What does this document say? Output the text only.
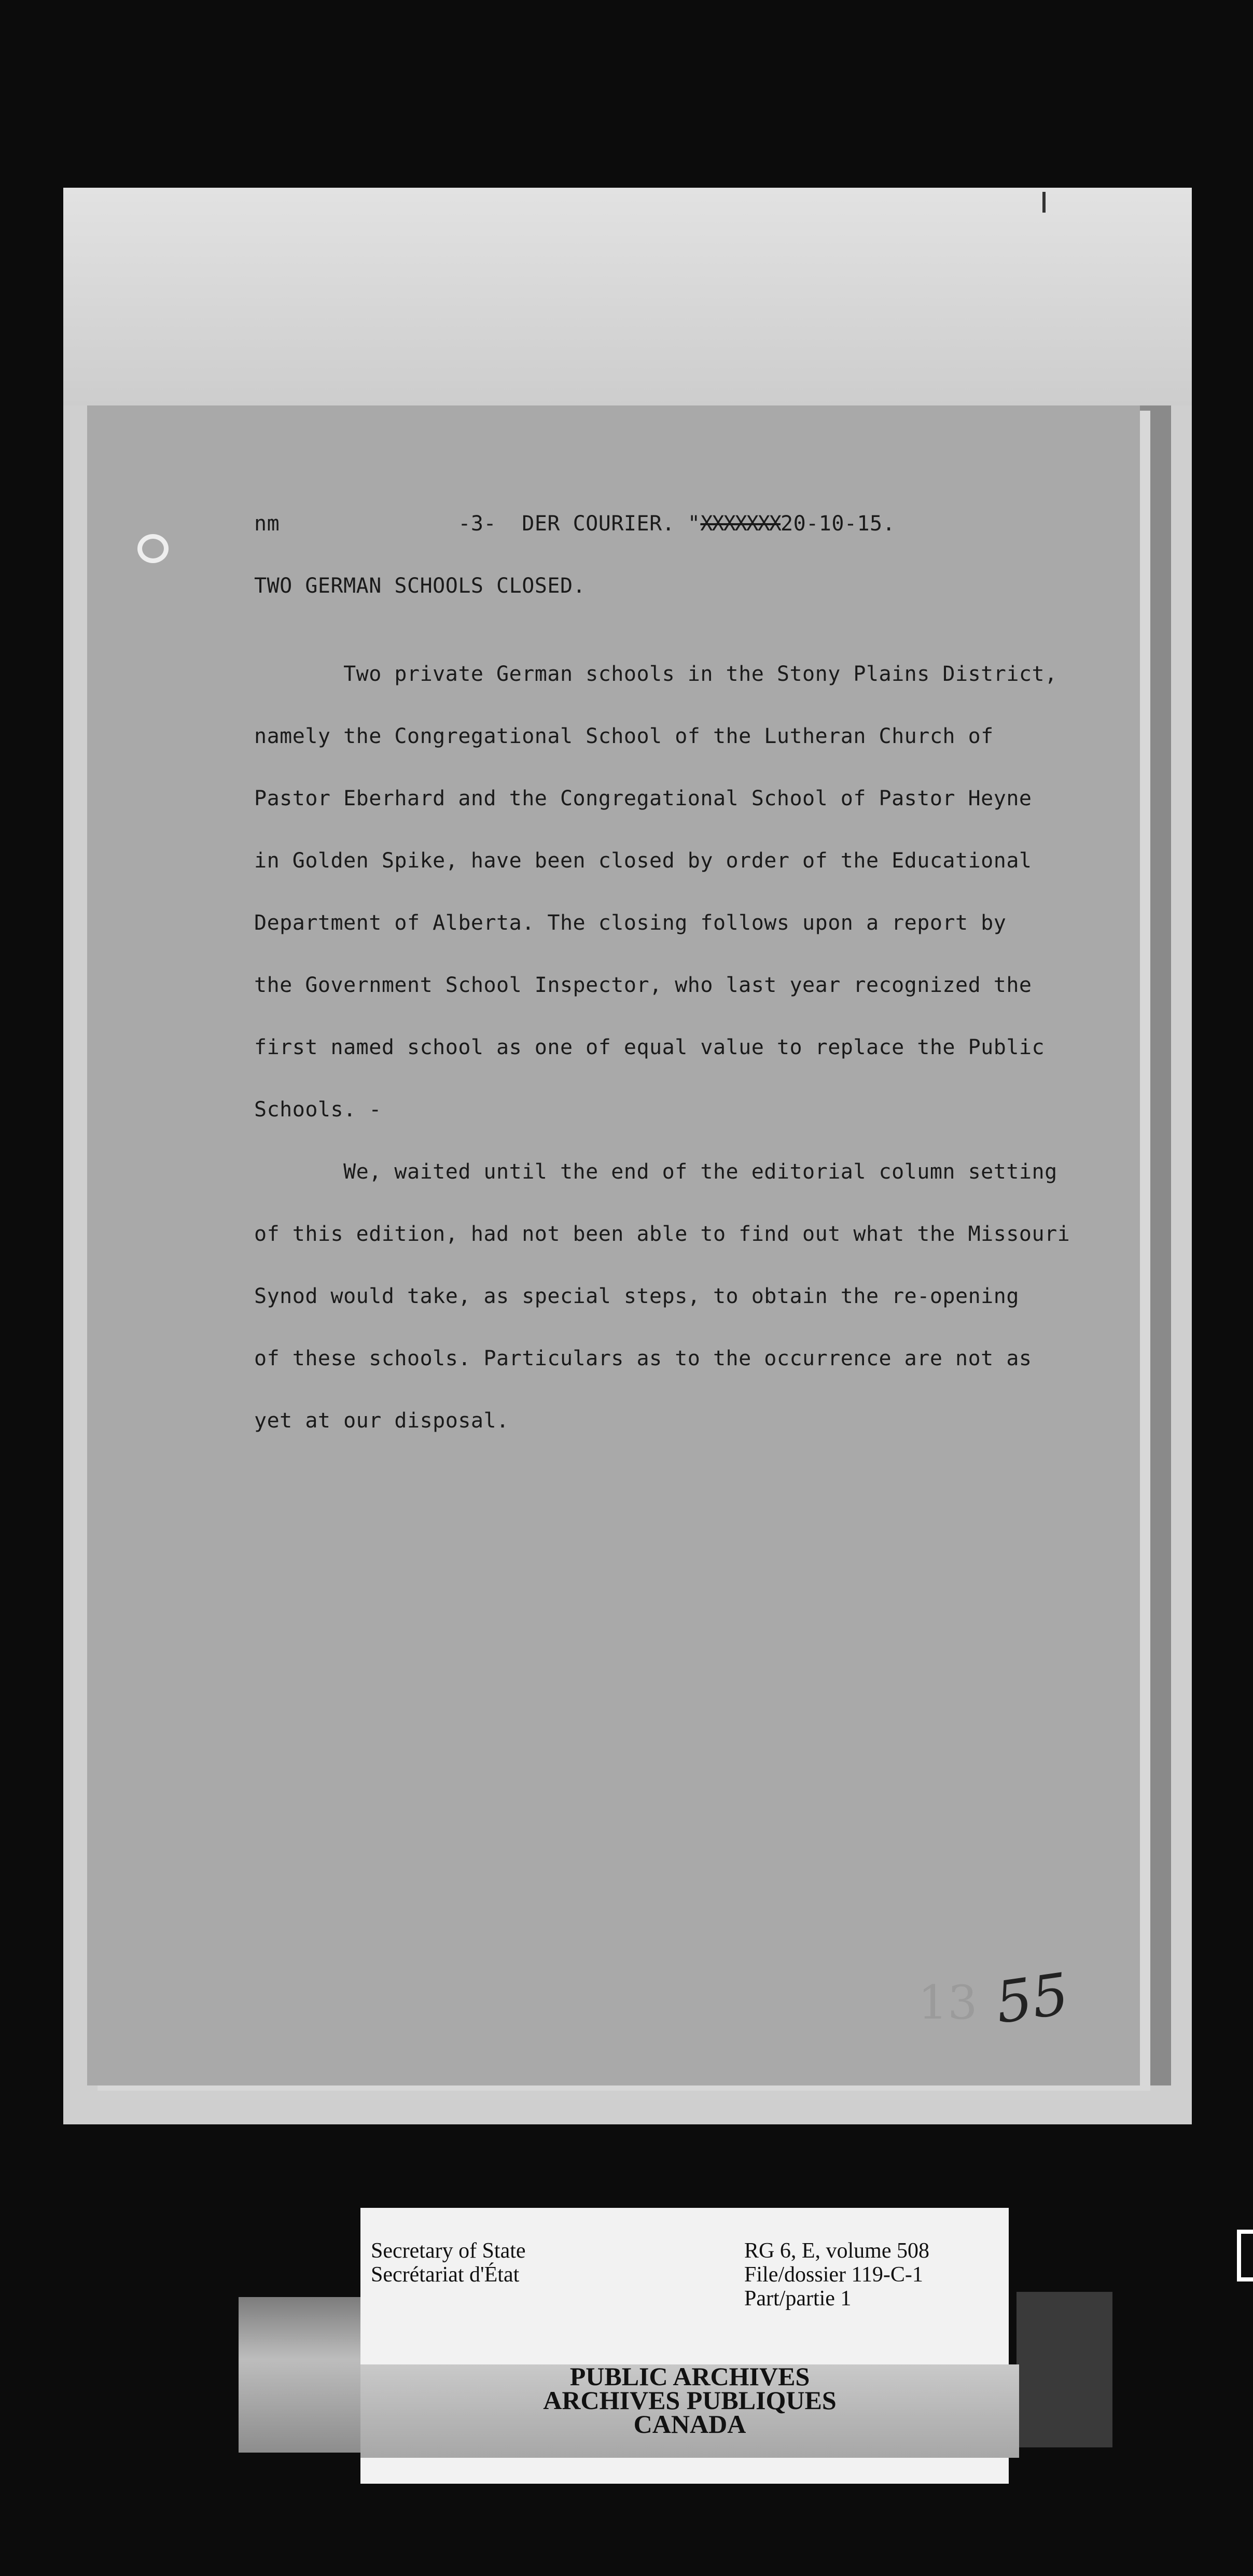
nm	-3- DER COURIER. "XXXXXXX20-10-15.
TWO GERMAN SCHOOLS CLOSED.

Two private German schools in the Stony Plains District,

namely the Congregational School of the Lutheran Church of

Pastor Eberhard and the Congregational School of Pastor Heyne

in Golden Spike, have been closed by order of the Educational

Department of Alberta. The closing follows upon a report by

the Government School Inspector, who last year recognized the

first named school as one of equal value to replace the Public

Schools. -

We, waited until the end of the editorial column setting

of this edition, had not been able to find out what the Missouri

Synod would take, as special steps, to obtain the re-opening

of these schools. Particulars as to the occurrence are not as

yet at our disposal.

13 55
Secretary of State
Secrétariat d'État
RG 6, E, volume 508
File/dossier 119-C-1
Part/partie 1
PUBLIC ARCHIVES
ARCHIVES PUBLIQUES
CANADA
